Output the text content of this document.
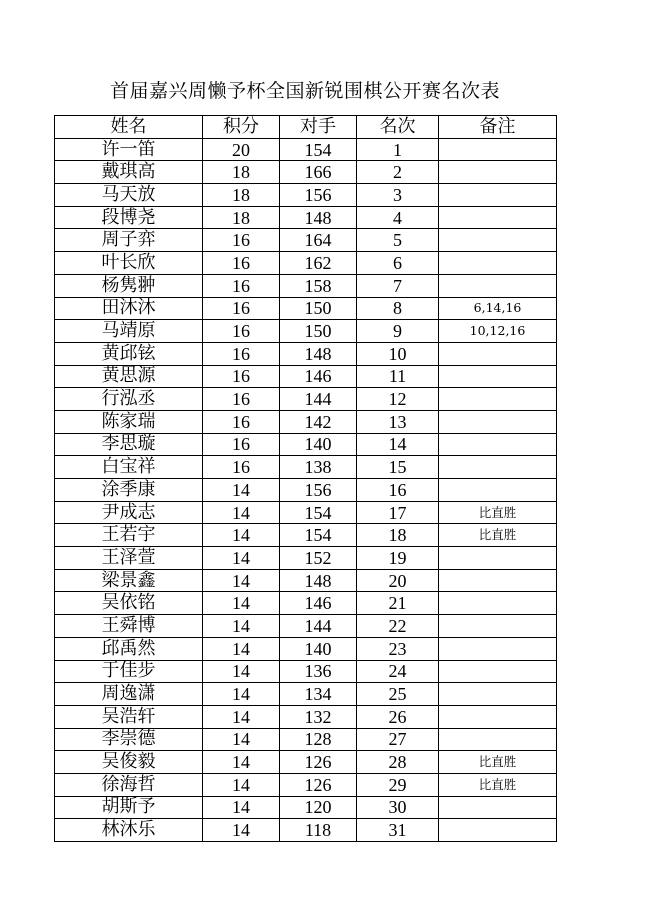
首届嘉兴周懒予杯全国新锐围棋公开赛名次表
姓名	积分	对手	名次	备注
许一笛	20	154	1	
戴琪高	18	166	2	
马天放	18	156	3	
段博尧	18	148	4	
周子弈	16	164	5	
叶长欣	16	162	6	
杨隽翀	16	158	7	
田沐沐	16	150	8	6,14,16
马靖原	16	150	9	10,12,16
黄邱铉	16	148	10	
黄思源	16	146	11	
行泓丞	16	144	12	
陈家瑞	16	142	13	
李思璇	16	140	14	
白宝祥	16	138	15	
涂季康	14	156	16	
尹成志	14	154	17	比直胜
王若宇	14	154	18	比直胜
王泽萱	14	152	19	
梁景鑫	14	148	20	
吴依铭	14	146	21	
王舜博	14	144	22	
邱禹然	14	140	23	
于佳步	14	136	24	
周逸潇	14	134	25	
吴浩轩	14	132	26	
李崇德	14	128	27	
吴俊毅	14	126	28	比直胜
徐海哲	14	126	29	比直胜
胡斯予	14	120	30	
林沐乐	14	118	31	
